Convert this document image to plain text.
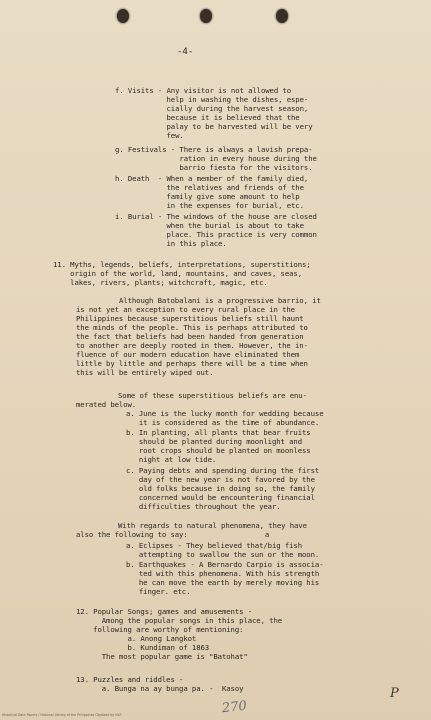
-4-
f. Visits - Any visitor is not allowed to
help in washing the dishes, espe-
cially during the harvest season,
because it is believed that the
palay to be harvested will be very
few.
g. Festivals - There is always a lavish prepa-
ration in every house during the
barrio fiesta for the visitors.
h. Death  - When a member of the family died,
the relatives and friends of the
family give some amount to help
in the expenses for burial, etc.
i. Burial - The windows of the house are closed
when the burial is about to take
place. This practice is very common
in this place.
11. Myths, legends, beliefs, interpretations, superstitions;
origin of the world, land, mountains, and caves, seas,
lakes, rivers, plants; witchcraft, magic, etc.
Although Batobalani is a progressive barrio, it
is not yet an exception to every rural place in the
Philippines because superstitious beliefs still haunt
the minds of the people. This is perhaps attributed to
the fact that beliefs had been handed from generation
to another are deeply rooted in them. However, the in-
fluence of our modern education have eliminated them
little by little and perhaps there will be a time when
this will be entirely wiped out.
Some of these superstitious beliefs are enu-
merated below.
a. June is the lucky month for wedding because
it is considered as the time of abundance.
b. In planting, all plants that bear fruits
should be planted during moonlight and
root crops should be planted on moonless
night at low tide.
c. Paying debts and spending during the first
day of the new year is not favored by the
old folks because in doing so, the family
concerned would be encountering financial
difficulties throughout the year.
With regards to natural phenomena, they have
also the following to say:                  a
a. Eclipses - They believed that/big fish
attempting to swallow the sun or the moon.
b. Earthquakes - A Bernardo Carpio is associa-
ted with this phenomena. With his strength
he can move the earth by merely moving his
finger. etc.
12. Popular Songs; games and amusements -
Among the popular songs in this place, the
following are worthy of mentioning:
a. Anong Langkot
b. Kundiman of 1863
The most popular game is "Batohat"
13. Puzzles and riddles -
a. Bunga na ay bunga pa. -  Kasoy
270
P
Historical Data Papers / National Library of the Philippines Digitized by NLP
